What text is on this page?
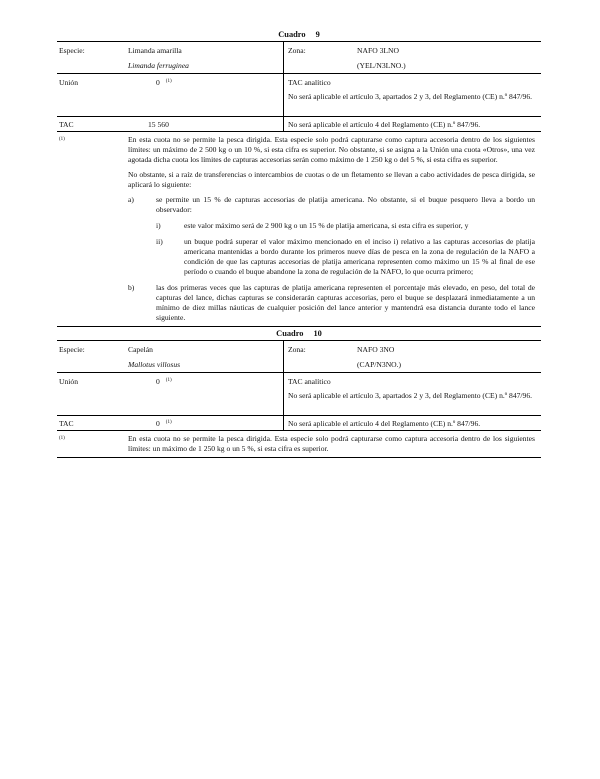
Cuadro 9
Especie:	Limanda amarilla
Limanda ferruginea
Zona:	NAFO 3LNO
(YEL/N3LNO.)
Unión	0 $^{(1)}$	TAC analítico
No será aplicable el artículo 3, apartados 2 y 3, del Reglamento (CE) n.º 847/96.
TAC	15 560	No será aplicable el artículo 4 del Reglamento (CE) n.º 847/96.
(1)	En esta cuota no se permite la pesca dirigida. Esta especie solo podrá capturarse como captura accesoria dentro de los siguientes límites: un máximo de 2 500 kg o un 10 %, si esta cifra es superior. No obstante, si se asigna a la Unión una cuota «Otros», una vez agotada dicha cuota los límites de capturas accesorias serán como máximo de 1 250 kg o del 5 %, si esta cifra es superior.

No obstante, si a raíz de transferencias o intercambios de cuotas o de un fletamento se llevan a cabo actividades de pesca dirigida, se aplicará lo siguiente:

a)	se permite un 15 % de capturas accesorias de platija americana. No obstante, si el buque pesquero lleva a bordo un observador:
i)	este valor máximo será de 2 900 kg o un 15 % de platija americana, si esta cifra es superior, y
ii)	un buque podrá superar el valor máximo mencionado en el inciso i) relativo a las capturas accesorias de platija americana mantenidas a bordo durante los primeros nueve días de pesca en la zona de regulación de la NAFO a condición de que las capturas accesorias de platija americana representen como máximo un 15 % al final de ese período o cuando el buque abandone la zona de regulación de la NAFO, lo que ocurra primero;
b)	las dos primeras veces que las capturas de platija americana representen el porcentaje más elevado, en peso, del total de capturas del lance, dichas capturas se considerarán capturas accesorias, pero el buque se desplazará inmediatamente a un mínimo de diez millas náuticas de cualquier posición del lance anterior y mantendrá esa distancia durante todo el lance siguiente.
Cuadro 10
Especie:	Capelán
Mallotus villosus
Zona:	NAFO 3NO
(CAP/N3NO.)
Unión	0 $^{(1)}$	TAC analítico
No será aplicable el artículo 3, apartados 2 y 3, del Reglamento (CE) n.º 847/96.
TAC	0 $^{(1)}$	No será aplicable el artículo 4 del Reglamento (CE) n.º 847/96.
(1)	En esta cuota no se permite la pesca dirigida. Esta especie solo podrá capturarse como captura accesoria dentro de los siguientes límites: un máximo de 1 250 kg o un 5 %, si esta cifra es superior.
